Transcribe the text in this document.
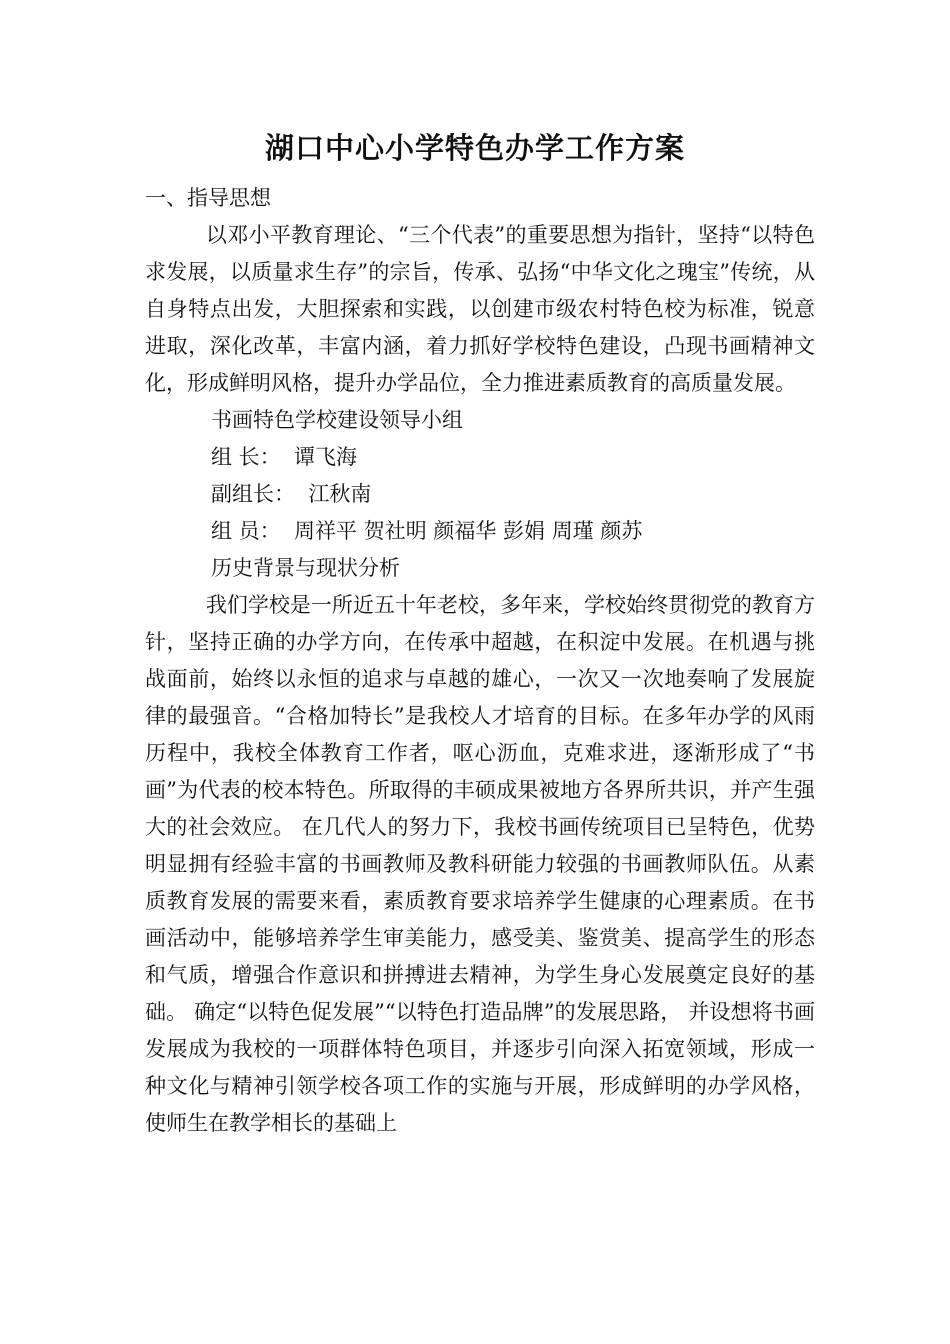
湖口中心小学特色办学工作方案

一、指导思想

以邓小平教育理论、“三个代表”的重要思想为指针，坚持“以特色求发展，以质量求生存”的宗旨，传承、弘扬“中华文化之瑰宝”传统，从自身特点出发，大胆探索和实践，以创建市级农村特色校为标准，锐意进取，深化改革，丰富内涵，着力抓好学校特色建设，凸现书画精神文化，形成鲜明风格，提升办学品位，全力推进素质教育的高质量发展。

书画特色学校建设领导小组

组 长：  谭飞海

副组长：  江秋南

组 员：  周祥平 贺社明 颜福华 彭娟 周瑾 颜苏

历史背景与现状分析

我们学校是一所近五十年老校，多年来，学校始终贯彻党的教育方针，坚持正确的办学方向，在传承中超越，在积淀中发展。在机遇与挑战面前，始终以永恒的追求与卓越的雄心，一次又一次地奏响了发展旋律的最强音。“合格加特长”是我校人才培育的目标。在多年办学的风雨历程中，我校全体教育工作者，呕心沥血，克难求进，逐渐形成了“书画”为代表的校本特色。所取得的丰硕成果被地方各界所共识，并产生强大的社会效应。 在几代人的努力下，我校书画传统项目已呈特色，优势明显拥有经验丰富的书画教师及教科研能力较强的书画教师队伍。从素质教育发展的需要来看，素质教育要求培养学生健康的心理素质。在书画活动中，能够培养学生审美能力，感受美、鉴赏美、提高学生的形态和气质，增强合作意识和拼搏进去精神，为学生身心发展奠定良好的基础。 确定“以特色促发展”“以特色打造品牌”的发展思路， 并设想将书画发展成为我校的一项群体特色项目，并逐步引向深入拓宽领域，形成一种文化与精神引领学校各项工作的实施与开展，形成鲜明的办学风格，使师生在教学相长的基础上
